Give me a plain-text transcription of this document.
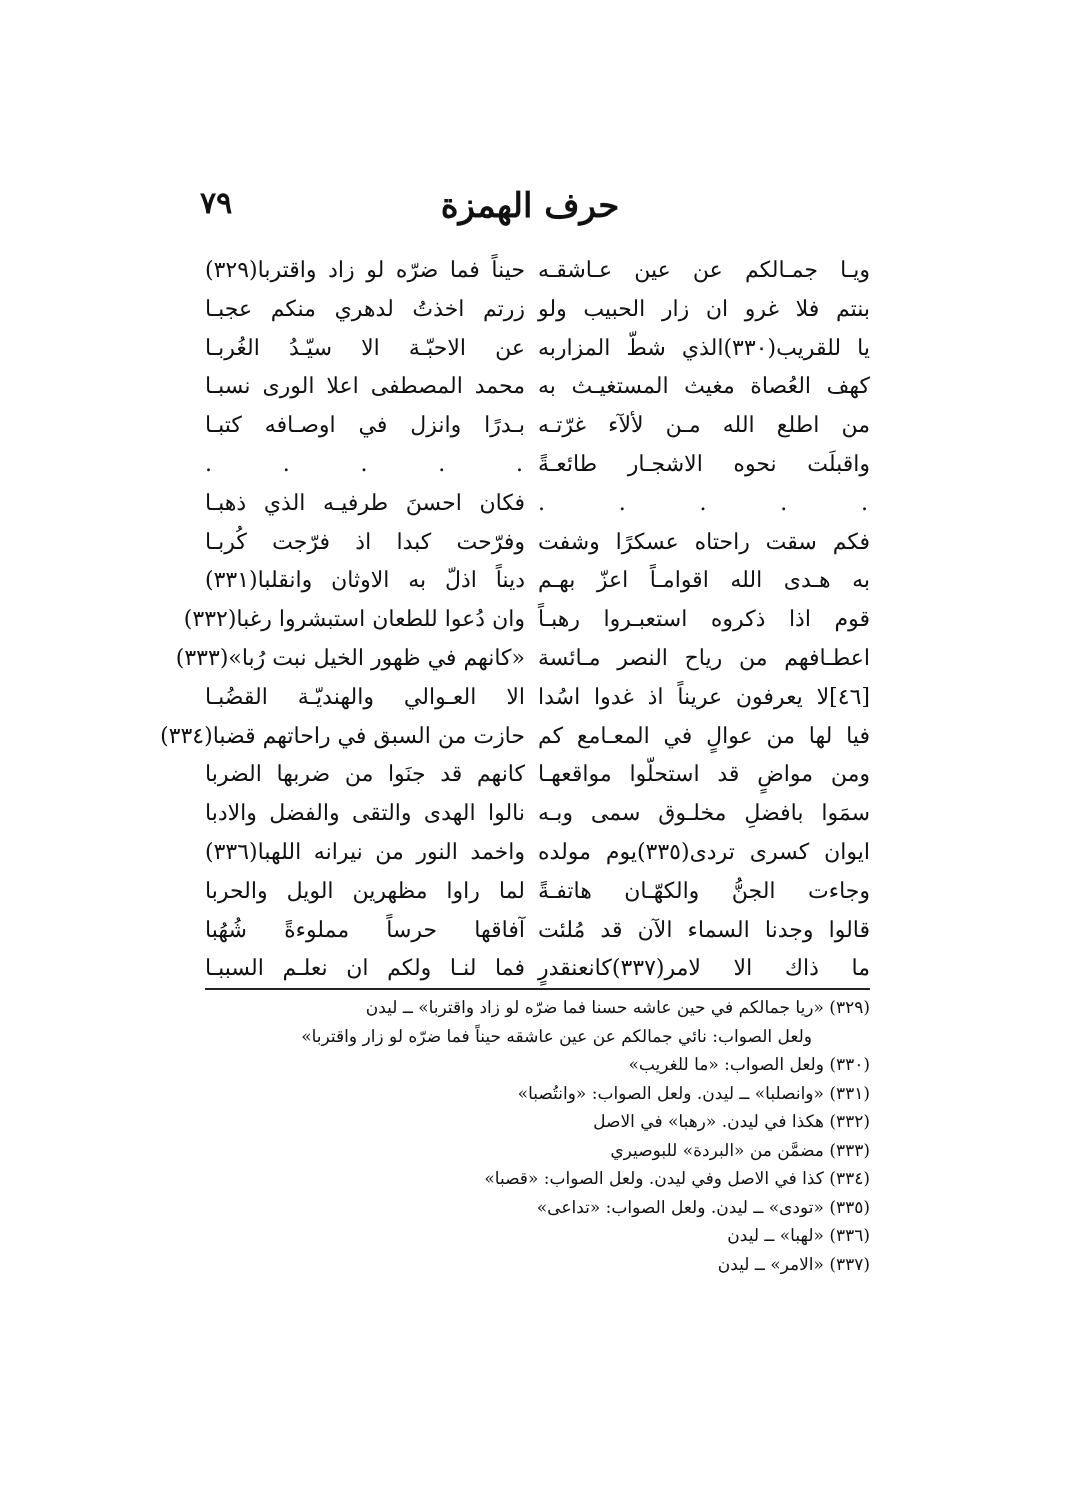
٧٩	حرف الهمزة
ويـا جمـالكم عن عين عـاشقـه
بنتم فلا غرو ان زار الحبيب ولو
يا للقريب(٣٣٠)الذي شطّ المزاربه
كهف العُصاة مغيث المستغيـث به
من اطلع الله مـن لألآء غرّتـه
واقبلَت نحوه الاشجـار طائعـةً
. . . . .
فكم سقت راحتاه عسكرًا وشفت
به هـدى الله اقوامـاً اعزّ بهـم
قوم اذا ذكروه استعبـروا رهبـاً
اعطـافهم من رياح النصر مـائسة
[٤٦]لا يعرفون عريناً اذ غدوا اسُدا
فيا لها من عوالٍ في المعـامع كم
ومن مواضٍ قد استحلّوا مواقعهـا
سمَوا بافضلِ مخلـوق سمى وبـه
ايوان كسرى تردى(٣٣٥)يوم مولده
وجاءت الجنُّ والكهّـان هاتفـةً
قالوا وجدنا السماء الآن قد مُلئت
ما ذاك الا لامر(٣٣٧)كانعنقدرٍ
حيناً فما ضرّه لو زاد واقتربا(٣٢٩)
زرتم اخذتُ لدهري منكم عجبـا
عن الاحبّـة الا سيّـدُ الغُربـا
محمد المصطفى اعلا الورى نسبـا
بـدرًا وانزل في اوصـافه كتبـا
. . . . .
فكان احسنَ طرفيـه الذي ذهبـا
وفرّحت كبدا اذ فرّجت كُربـا
ديناً اذلّ به الاوثان وانقلبا(٣٣١)
وان دُعوا للطعان استبشروا رغبا(٣٣٢)
«كانهم في ظهور الخيل نبت رُبا»(٣٣٣)
الا العـوالي والهنديّـة القضُبـا
حازت من السبق في راحاتهم قضبا(٣٣٤)
كانهم قد جنَوا من ضربها الضربا
نالوا الهدى والتقى والفضل والادبا
واخمد النور من نيرانه اللهبا(٣٣٦)
لما راوا مظهرين الويل والحربا
آفاقها حرساً مملوءةً شُهُبا
فما لنـا ولكم ان نعلـم السببـا
(٣٢٩) «ريا جمالكم في حين عاشه حسنا فما ضرّه لو زاد واقتربا» ــ ليدن
ولعل الصواب: نائي جمالكم عن عين عاشقه حيناً فما ضرّه لو زار واقتربا»
(٣٣٠) ولعل الصواب: «ما للغريب»
(٣٣١) «وانصلبا» ــ ليدن. ولعل الصواب: «وانتُصبا»
(٣٣٢) هكذا في ليدن. «رهبا» في الاصل
(٣٣٣) مضمَّن من «البردة» للبوصيري
(٣٣٤) كذا في الاصل وفي ليدن. ولعل الصواب: «قصبا»
(٣٣٥) «تودى» ــ ليدن. ولعل الصواب: «تداعى»
(٣٣٦) «لهبا» ــ ليدن
(٣٣٧) «الامر» ــ ليدن
